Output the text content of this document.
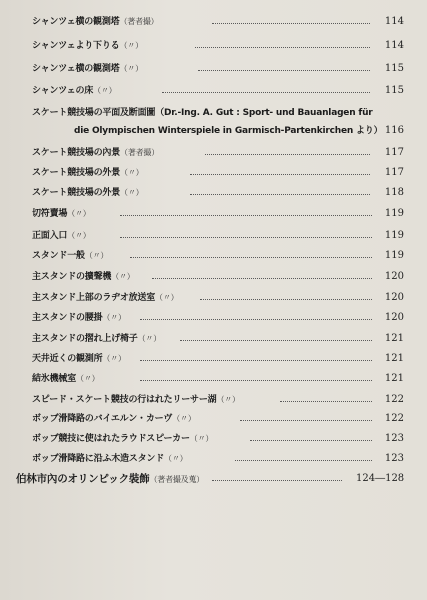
シャンツェ横の観測塔（著者撮）	114
シャンツェより下りる（〃）	114
シャンツェ横の観測塔（〃）	115
シャンツェの床（〃）	115
スケート競技場の平面及断面圖（Dr.-Ing. A. Gut : Sport- und Bauanlagen für
die Olympischen Winterspiele in Garmisch-Partenkirchen より） 116
スケート競技場の內景（著者撮）	117
スケート競技場の外景（〃）	117
スケート競技場の外景（〃）	118
切符賣場（〃）	119
正面入口（〃）	119
スタンド一般（〃）	119
主スタンドの擴聲機（〃）	120
主スタンド上部のラヂオ放送室（〃）	120
主スタンドの腰掛（〃）	120
主スタンドの摺れ上げ椅子（〃）	121
天井近くの観測所（〃）	121
結氷機械室（〃）	121
スピード・スケート競技の行はれたリーサー湖（〃）	122
ボッブ滑降路のバイエルン・カーヴ（〃）	122
ボッブ競技に使はれたラウドスピーカー（〃）	123
ボッブ滑降路に沿ふ木造スタンド（〃）	123
伯林市內のオリンピック裝飾（著者撮及蒐）	124―128
